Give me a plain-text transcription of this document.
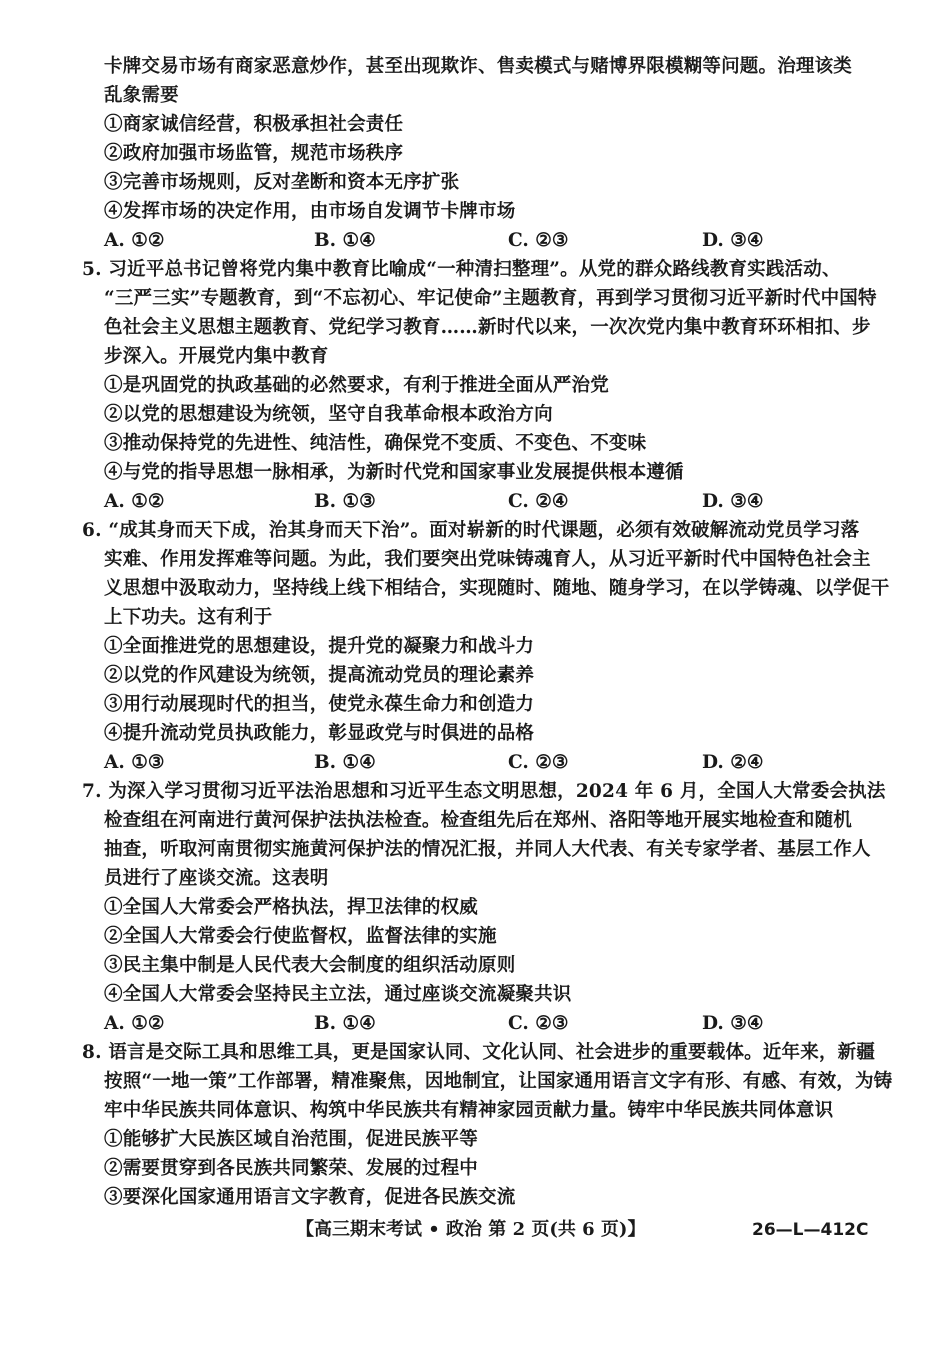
卡牌交易市场有商家恶意炒作，甚至出现欺诈、售卖模式与赌博界限模糊等问题。治理该类
乱象需要
①商家诚信经营，积极承担社会责任
②政府加强市场监管，规范市场秩序
③完善市场规则，反对垄断和资本无序扩张
④发挥市场的决定作用，由市场自发调节卡牌市场
A. ①②	B. ①④	C. ②③	D. ③④
5. 习近平总书记曾将党内集中教育比喻成“一种清扫整理”。从党的群众路线教育实践活动、
“三严三实”专题教育，到“不忘初心、牢记使命”主题教育，再到学习贯彻习近平新时代中国特
色社会主义思想主题教育、党纪学习教育……新时代以来，一次次党内集中教育环环相扣、步
步深入。开展党内集中教育
①是巩固党的执政基础的必然要求，有利于推进全面从严治党
②以党的思想建设为统领，坚守自我革命根本政治方向
③推动保持党的先进性、纯洁性，确保党不变质、不变色、不变味
④与党的指导思想一脉相承，为新时代党和国家事业发展提供根本遵循
A. ①②	B. ①③	C. ②④	D. ③④
6. “成其身而天下成，治其身而天下治”。面对崭新的时代课题，必须有效破解流动党员学习落
实难、作用发挥难等问题。为此，我们要突出党味铸魂育人，从习近平新时代中国特色社会主
义思想中汲取动力，坚持线上线下相结合，实现随时、随地、随身学习，在以学铸魂、以学促干
上下功夫。这有利于
①全面推进党的思想建设，提升党的凝聚力和战斗力
②以党的作风建设为统领，提高流动党员的理论素养
③用行动展现时代的担当，使党永葆生命力和创造力
④提升流动党员执政能力，彰显政党与时俱进的品格
A. ①③	B. ①④	C. ②③	D. ②④
7. 为深入学习贯彻习近平法治思想和习近平生态文明思想，2024 年 6 月，全国人大常委会执法
检查组在河南进行黄河保护法执法检查。检查组先后在郑州、洛阳等地开展实地检查和随机
抽查，听取河南贯彻实施黄河保护法的情况汇报，并同人大代表、有关专家学者、基层工作人
员进行了座谈交流。这表明
①全国人大常委会严格执法，捍卫法律的权威
②全国人大常委会行使监督权，监督法律的实施
③民主集中制是人民代表大会制度的组织活动原则
④全国人大常委会坚持民主立法，通过座谈交流凝聚共识
A. ①②	B. ①④	C. ②③	D. ③④
8. 语言是交际工具和思维工具，更是国家认同、文化认同、社会进步的重要载体。近年来，新疆
按照“一地一策”工作部署，精准聚焦，因地制宜，让国家通用语言文字有形、有感、有效，为铸
牢中华民族共同体意识、构筑中华民族共有精神家园贡献力量。铸牢中华民族共同体意识
①能够扩大民族区域自治范围，促进民族平等
②需要贯穿到各民族共同繁荣、发展的过程中
③要深化国家通用语言文字教育，促进各民族交流
【高三期末考试 • 政治 第 2 页(共 6 页)】	26—L—412C
